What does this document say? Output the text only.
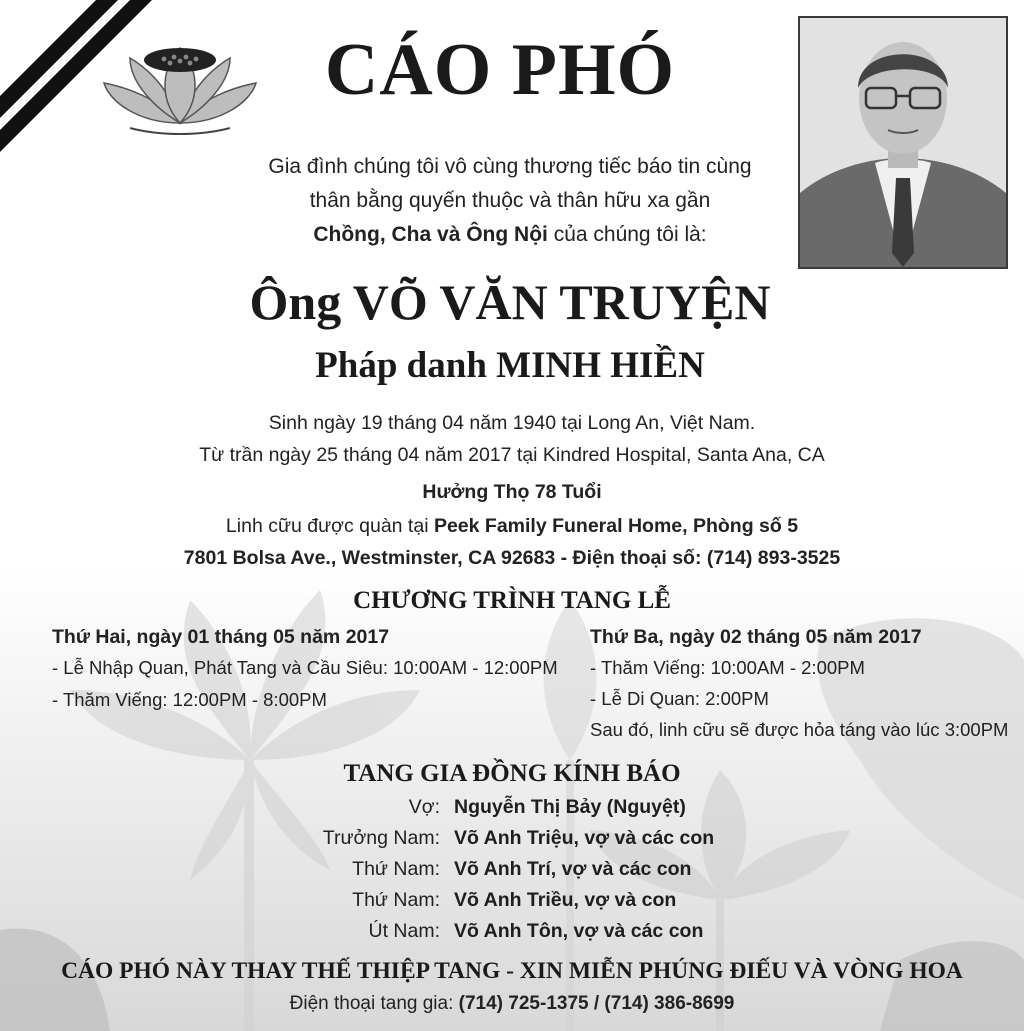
CÁO PHÓ
Gia đình chúng tôi vô cùng thương tiếc báo tin cùng
thân bằng quyến thuộc và thân hữu xa gần
Chồng, Cha và Ông Nội của chúng tôi là:
Ông VÕ VĂN TRUYỆN
Pháp danh MINH HIỀN
Sinh ngày 19 tháng 04 năm 1940 tại Long An, Việt Nam.
Từ trần ngày 25 tháng 04 năm 2017 tại Kindred Hospital, Santa Ana, CA
Hưởng Thọ 78 Tuổi
Linh cữu được quàn tại Peek Family Funeral Home, Phòng số 5
7801 Bolsa Ave., Westminster, CA 92683 - Điện thoại số: (714) 893-3525
CHƯƠNG TRÌNH TANG LỄ
Thứ Hai, ngày 01 tháng 05 năm 2017
- Lễ Nhập Quan, Phát Tang và Cầu Siêu: 10:00AM - 12:00PM
- Thăm Viếng: 12:00PM - 8:00PM
Thứ Ba, ngày 02 tháng 05 năm 2017
- Thăm Viếng: 10:00AM - 2:00PM
- Lễ Di Quan: 2:00PM
Sau đó, linh cữu sẽ được hỏa táng vào lúc 3:00PM
TANG GIA ĐỒNG KÍNH BÁO
Vợ: Nguyễn Thị Bảy (Nguyệt)
Trưởng Nam: Võ Anh Triệu, vợ và các con
Thứ Nam: Võ Anh Trí, vợ và các con
Thứ Nam: Võ Anh Triều, vợ và con
Út Nam: Võ Anh Tôn, vợ và các con
CÁO PHÓ NÀY THAY THẾ THIỆP TANG - XIN MIỄN PHÚNG ĐIẾU VÀ VÒNG HOA
Điện thoại tang gia: (714) 725-1375 / (714) 386-8699
